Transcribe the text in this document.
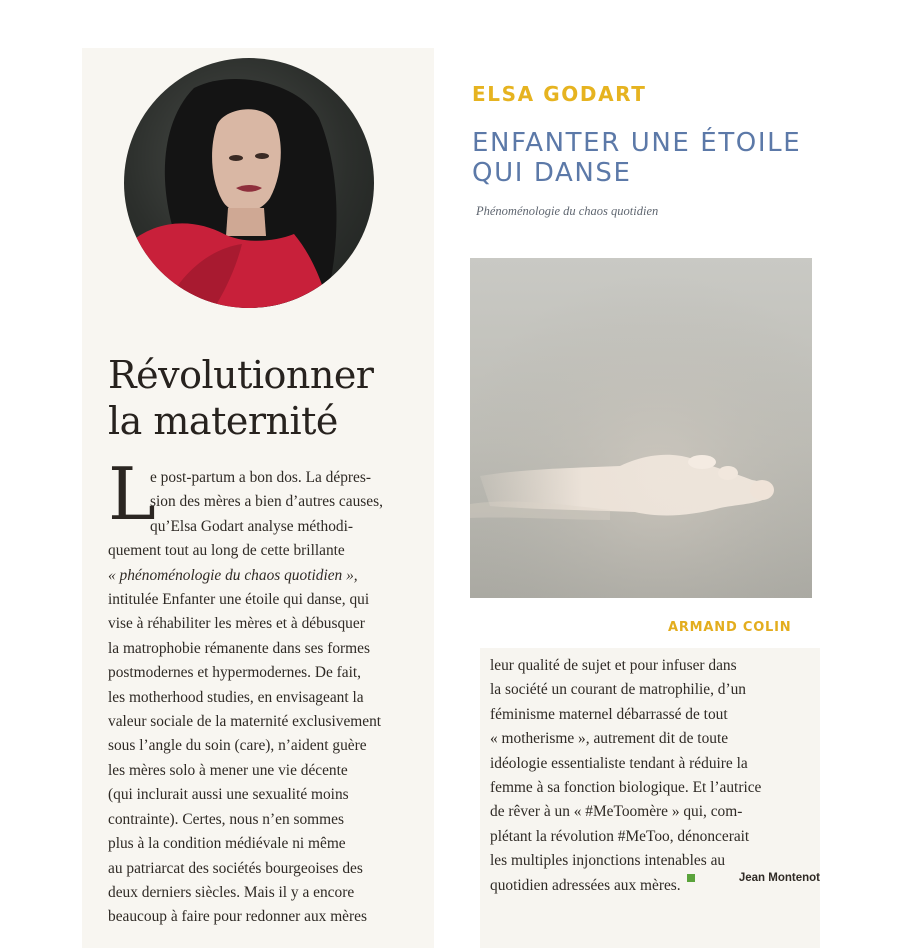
Révolutionner
la maternité
L
e post-partum a bon dos. La dépres-
sion des mères a bien d’autres causes,
qu’Elsa Godart analyse méthodi-
quement tout au long de cette brillante
« phénoménologie du chaos quotidien »,
intitulée Enfanter une étoile qui danse, qui
vise à réhabiliter les mères et à débusquer
la matrophobie rémanente dans ses formes
postmodernes et hypermodernes. De fait,
les motherhood studies, en envisageant la
valeur sociale de la maternité exclusivement
sous l’angle du soin (care), n’aident guère
les mères solo à mener une vie décente
(qui inclurait aussi une sexualité moins
contrainte). Certes, nous n’en sommes
plus à la condition médiévale ni même
au patriarcat des sociétés bourgeoises des
deux derniers siècles. Mais il y a encore
beaucoup à faire pour redonner aux mères
ELSA GODART
ENFANTER UNE ÉTOILE
QUI DANSE

Phénoménologie du chaos quotidien

ARMAND COLIN

leur qualité de sujet et pour infuser dans
la société un courant de matrophilie, d’un
féminisme maternel débarrassé de tout
« motherisme », autrement dit de toute
idéologie essentialiste tendant à réduire la
femme à sa fonction biologique. Et l’autrice
de rêver à un « #MeToomère » qui, com-
plétant la révolution #MeToo, dénoncerait
les multiples injonctions intenables au
quotidien adressées aux mères.	Jean Montenot
